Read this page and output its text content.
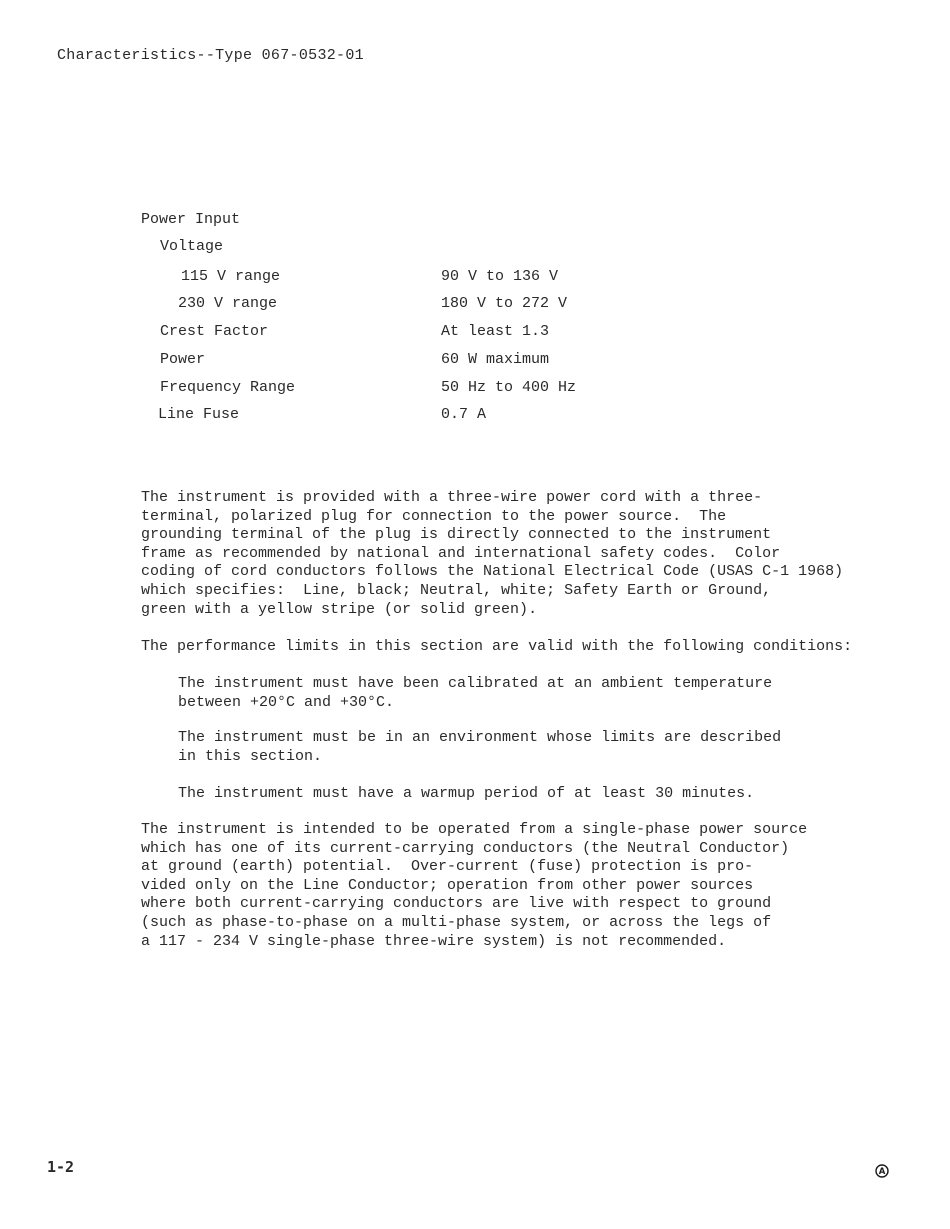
Characteristics--Type 067-0532-01
Power Input
Voltage
115 V range	90 V to 136 V
230 V range	180 V to 272 V
Crest Factor	At least 1.3
Power	60 W maximum
Frequency Range	50 Hz to 400 Hz
Line Fuse	0.7 A

The instrument is provided with a three-wire power cord with a three-
terminal, polarized plug for connection to the power source.  The
grounding terminal of the plug is directly connected to the instrument
frame as recommended by national and international safety codes.  Color
coding of cord conductors follows the National Electrical Code (USAS C-1 1968)
which specifies:  Line, black; Neutral, white; Safety Earth or Ground,
green with a yellow stripe (or solid green).

The performance limits in this section are valid with the following conditions:

The instrument must have been calibrated at an ambient temperature
between +20°C and +30°C.

The instrument must be in an environment whose limits are described
in this section.

The instrument must have a warmup period of at least 30 minutes.

The instrument is intended to be operated from a single-phase power source
which has one of its current-carrying conductors (the Neutral Conductor)
at ground (earth) potential.  Over-current (fuse) protection is pro-
vided only on the Line Conductor; operation from other power sources
where both current-carrying conductors are live with respect to ground
(such as phase-to-phase on a multi-phase system, or across the legs of
a 117 - 234 V single-phase three-wire system) is not recommended.

1-2	A
